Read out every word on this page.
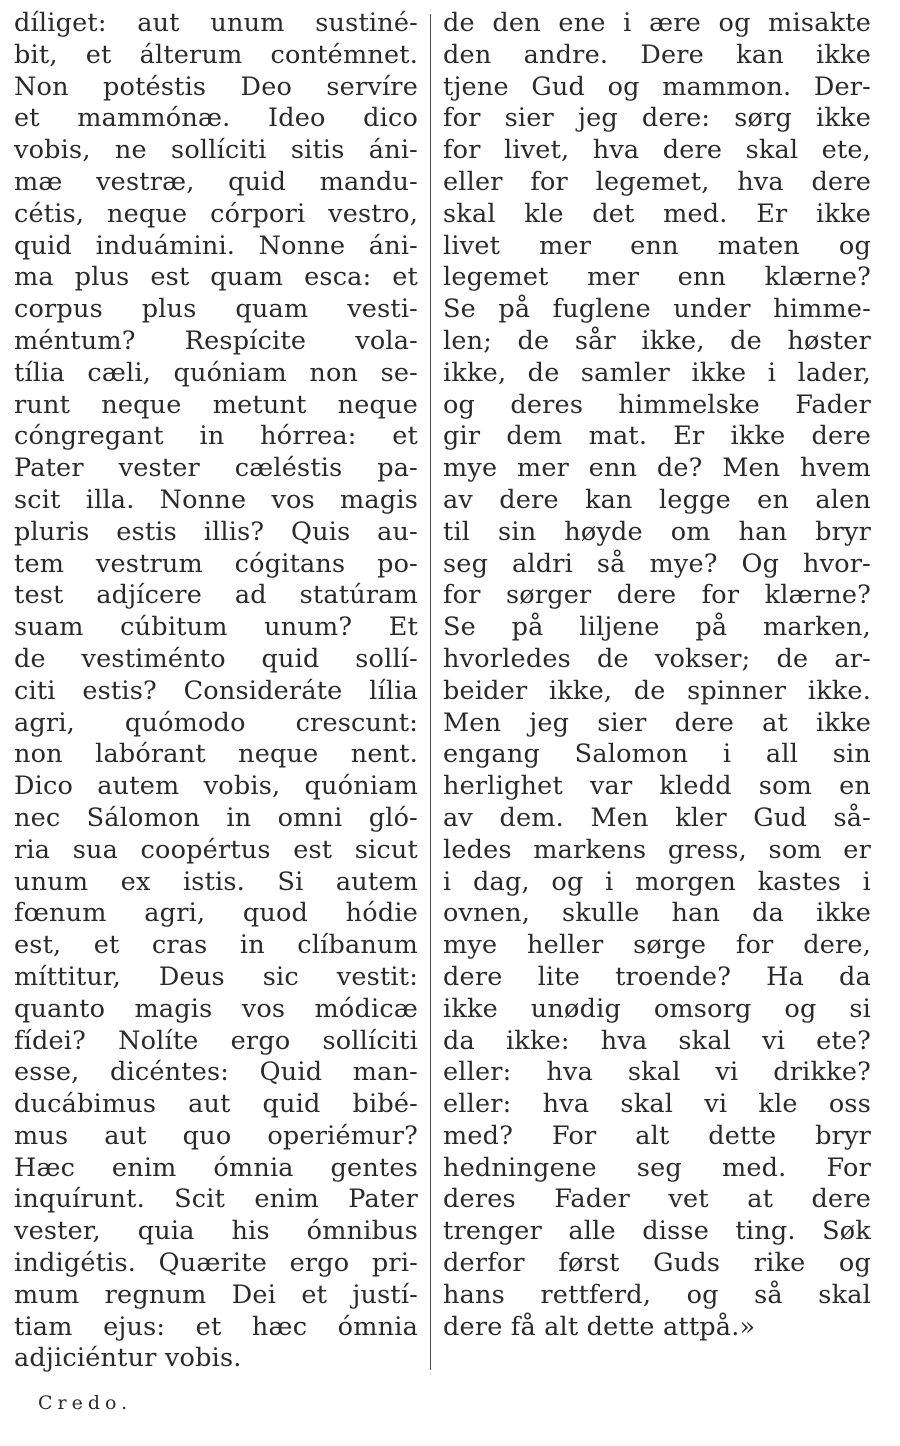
díliget: aut unum sustiné-
bit, et álterum contémnet.
Non potéstis Deo servíre
et mammónæ. Ideo dico
vobis, ne sollíciti sitis áni-
mæ vestræ, quid mandu-
cétis, neque córpori vestro,
quid induámini. Nonne áni-
ma plus est quam esca: et
corpus plus quam vesti-
méntum? Respícite vola-
tília cæli, quóniam non se-
runt neque metunt neque
cóngregant in hórrea: et
Pater vester cæléstis pa-
scit illa. Nonne vos magis
pluris estis illis? Quis au-
tem vestrum cógitans po-
test adjícere ad statúram
suam cúbitum unum? Et
de vestiménto quid sollí-
citi estis? Consideráte lília
agri, quómodo crescunt:
non labórant neque nent.
Dico autem vobis, quóniam
nec Sálomon in omni gló-
ria sua coopértus est sicut
unum ex istis. Si autem
fœnum agri, quod hódie
est, et cras in clíbanum
míttitur, Deus sic vestit:
quanto magis vos módicæ
fídei? Nolíte ergo sollíciti
esse, dicéntes: Quid man-
ducábimus aut quid bibé-
mus aut quo operiémur?
Hæc enim ómnia gentes
inquírunt. Scit enim Pater
vester, quia his ómnibus
indigétis. Quærite ergo pri-
mum regnum Dei et justí-
tiam ejus: et hæc ómnia
adjiciéntur vobis.
de den ene i ære og misakte
den andre. Dere kan ikke
tjene Gud og mammon. Der-
for sier jeg dere: sørg ikke
for livet, hva dere skal ete,
eller for legemet, hva dere
skal kle det med. Er ikke
livet mer enn maten og
legemet mer enn klærne?
Se på fuglene under himme-
len; de sår ikke, de høster
ikke, de samler ikke i lader,
og deres himmelske Fader
gir dem mat. Er ikke dere
mye mer enn de? Men hvem
av dere kan legge en alen
til sin høyde om han bryr
seg aldri så mye? Og hvor-
for sørger dere for klærne?
Se på liljene på marken,
hvorledes de vokser; de ar-
beider ikke, de spinner ikke.
Men jeg sier dere at ikke
engang Salomon i all sin
herlighet var kledd som en
av dem. Men kler Gud så-
ledes markens gress, som er
i dag, og i morgen kastes i
ovnen, skulle han da ikke
mye heller sørge for dere,
dere lite troende? Ha da
ikke unødig omsorg og si
da ikke: hva skal vi ete?
eller: hva skal vi drikke?
eller: hva skal vi kle oss
med? For alt dette bryr
hedningene seg med. For
deres Fader vet at dere
trenger alle disse ting. Søk
derfor først Guds rike og
hans rettferd, og så skal
dere få alt dette attpå.»
Credo.
